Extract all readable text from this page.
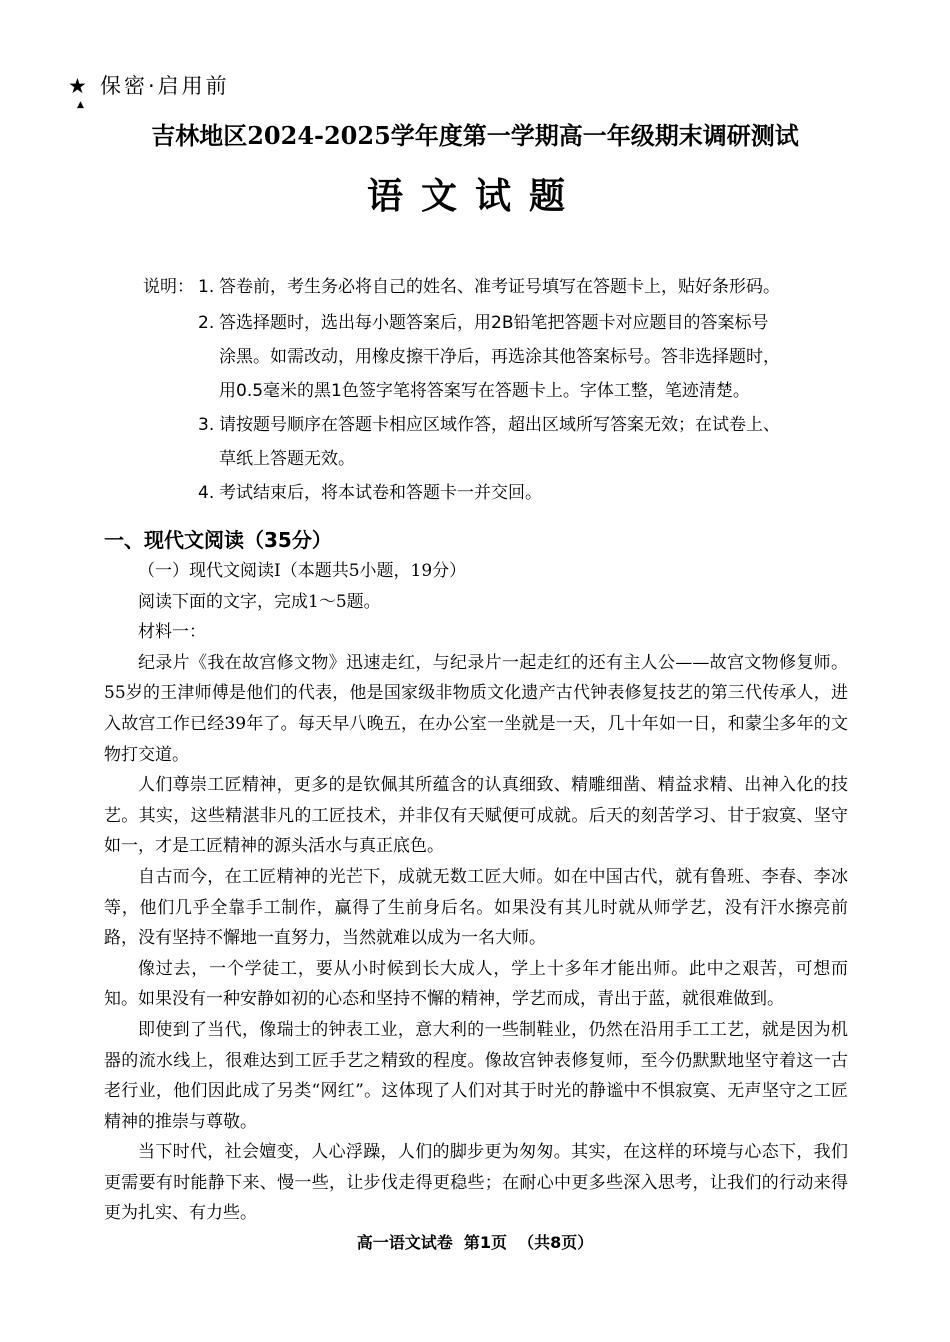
★ 保密·启用前
▲
吉林地区2024-2025学年度第一学期高一年级期末调研测试
语文试题
说明： 1. 答卷前，考生务必将自己的姓名、准考证号填写在答题卡上，贴好条形码。
2. 答选择题时，选出每小题答案后，用2B铅笔把答题卡对应题目的答案标号
涂黑。如需改动，用橡皮擦干净后，再选涂其他答案标号。答非选择题时，
用0.5毫米的黑1色签字笔将答案写在答题卡上。字体工整，笔迹清楚。
3. 请按题号顺序在答题卡相应区域作答，超出区域所写答案无效；在试卷上、
草纸上答题无效。
4. 考试结束后，将本试卷和答题卡一并交回。
一、现代文阅读（35分）

（一）现代文阅读Ⅰ（本题共5小题，19分）

阅读下面的文字，完成1～5题。

材料一：

纪录片《我在故宫修文物》迅速走红，与纪录片一起走红的还有主人公——故宫文物修复师。55岁的王津师傅是他们的代表，他是国家级非物质文化遗产古代钟表修复技艺的第三代传承人，进入故宫工作已经39年了。每天早八晚五，在办公室一坐就是一天，几十年如一日，和蒙尘多年的文物打交道。

人们尊崇工匠精神，更多的是钦佩其所蕴含的认真细致、精雕细凿、精益求精、出神入化的技艺。其实，这些精湛非凡的工匠技术，并非仅有天赋便可成就。后天的刻苦学习、甘于寂寞、坚守如一，才是工匠精神的源头活水与真正底色。

自古而今，在工匠精神的光芒下，成就无数工匠大师。如在中国古代，就有鲁班、李春、李冰等，他们几乎全靠手工制作，赢得了生前身后名。如果没有其儿时就从师学艺，没有汗水擦亮前路，没有坚持不懈地一直努力，当然就难以成为一名大师。

像过去，一个学徒工，要从小时候到长大成人，学上十多年才能出师。此中之艰苦，可想而知。如果没有一种安静如初的心态和坚持不懈的精神，学艺而成，青出于蓝，就很难做到。

即使到了当代，像瑞士的钟表工业，意大利的一些制鞋业，仍然在沿用手工工艺，就是因为机器的流水线上，很难达到工匠手艺之精致的程度。像故宫钟表修复师，至今仍默默地坚守着这一古老行业，他们因此成了另类“网红”。这体现了人们对其于时光的静谧中不惧寂寞、无声坚守之工匠精神的推崇与尊敬。

当下时代，社会嬗变，人心浮躁，人们的脚步更为匆匆。其实，在这样的环境与心态下，我们更需要有时能静下来、慢一些，让步伐走得更稳些；在耐心中更多些深入思考，让我们的行动来得更为扎实、有力些。

高一语文试卷 第1页 （共8页）
